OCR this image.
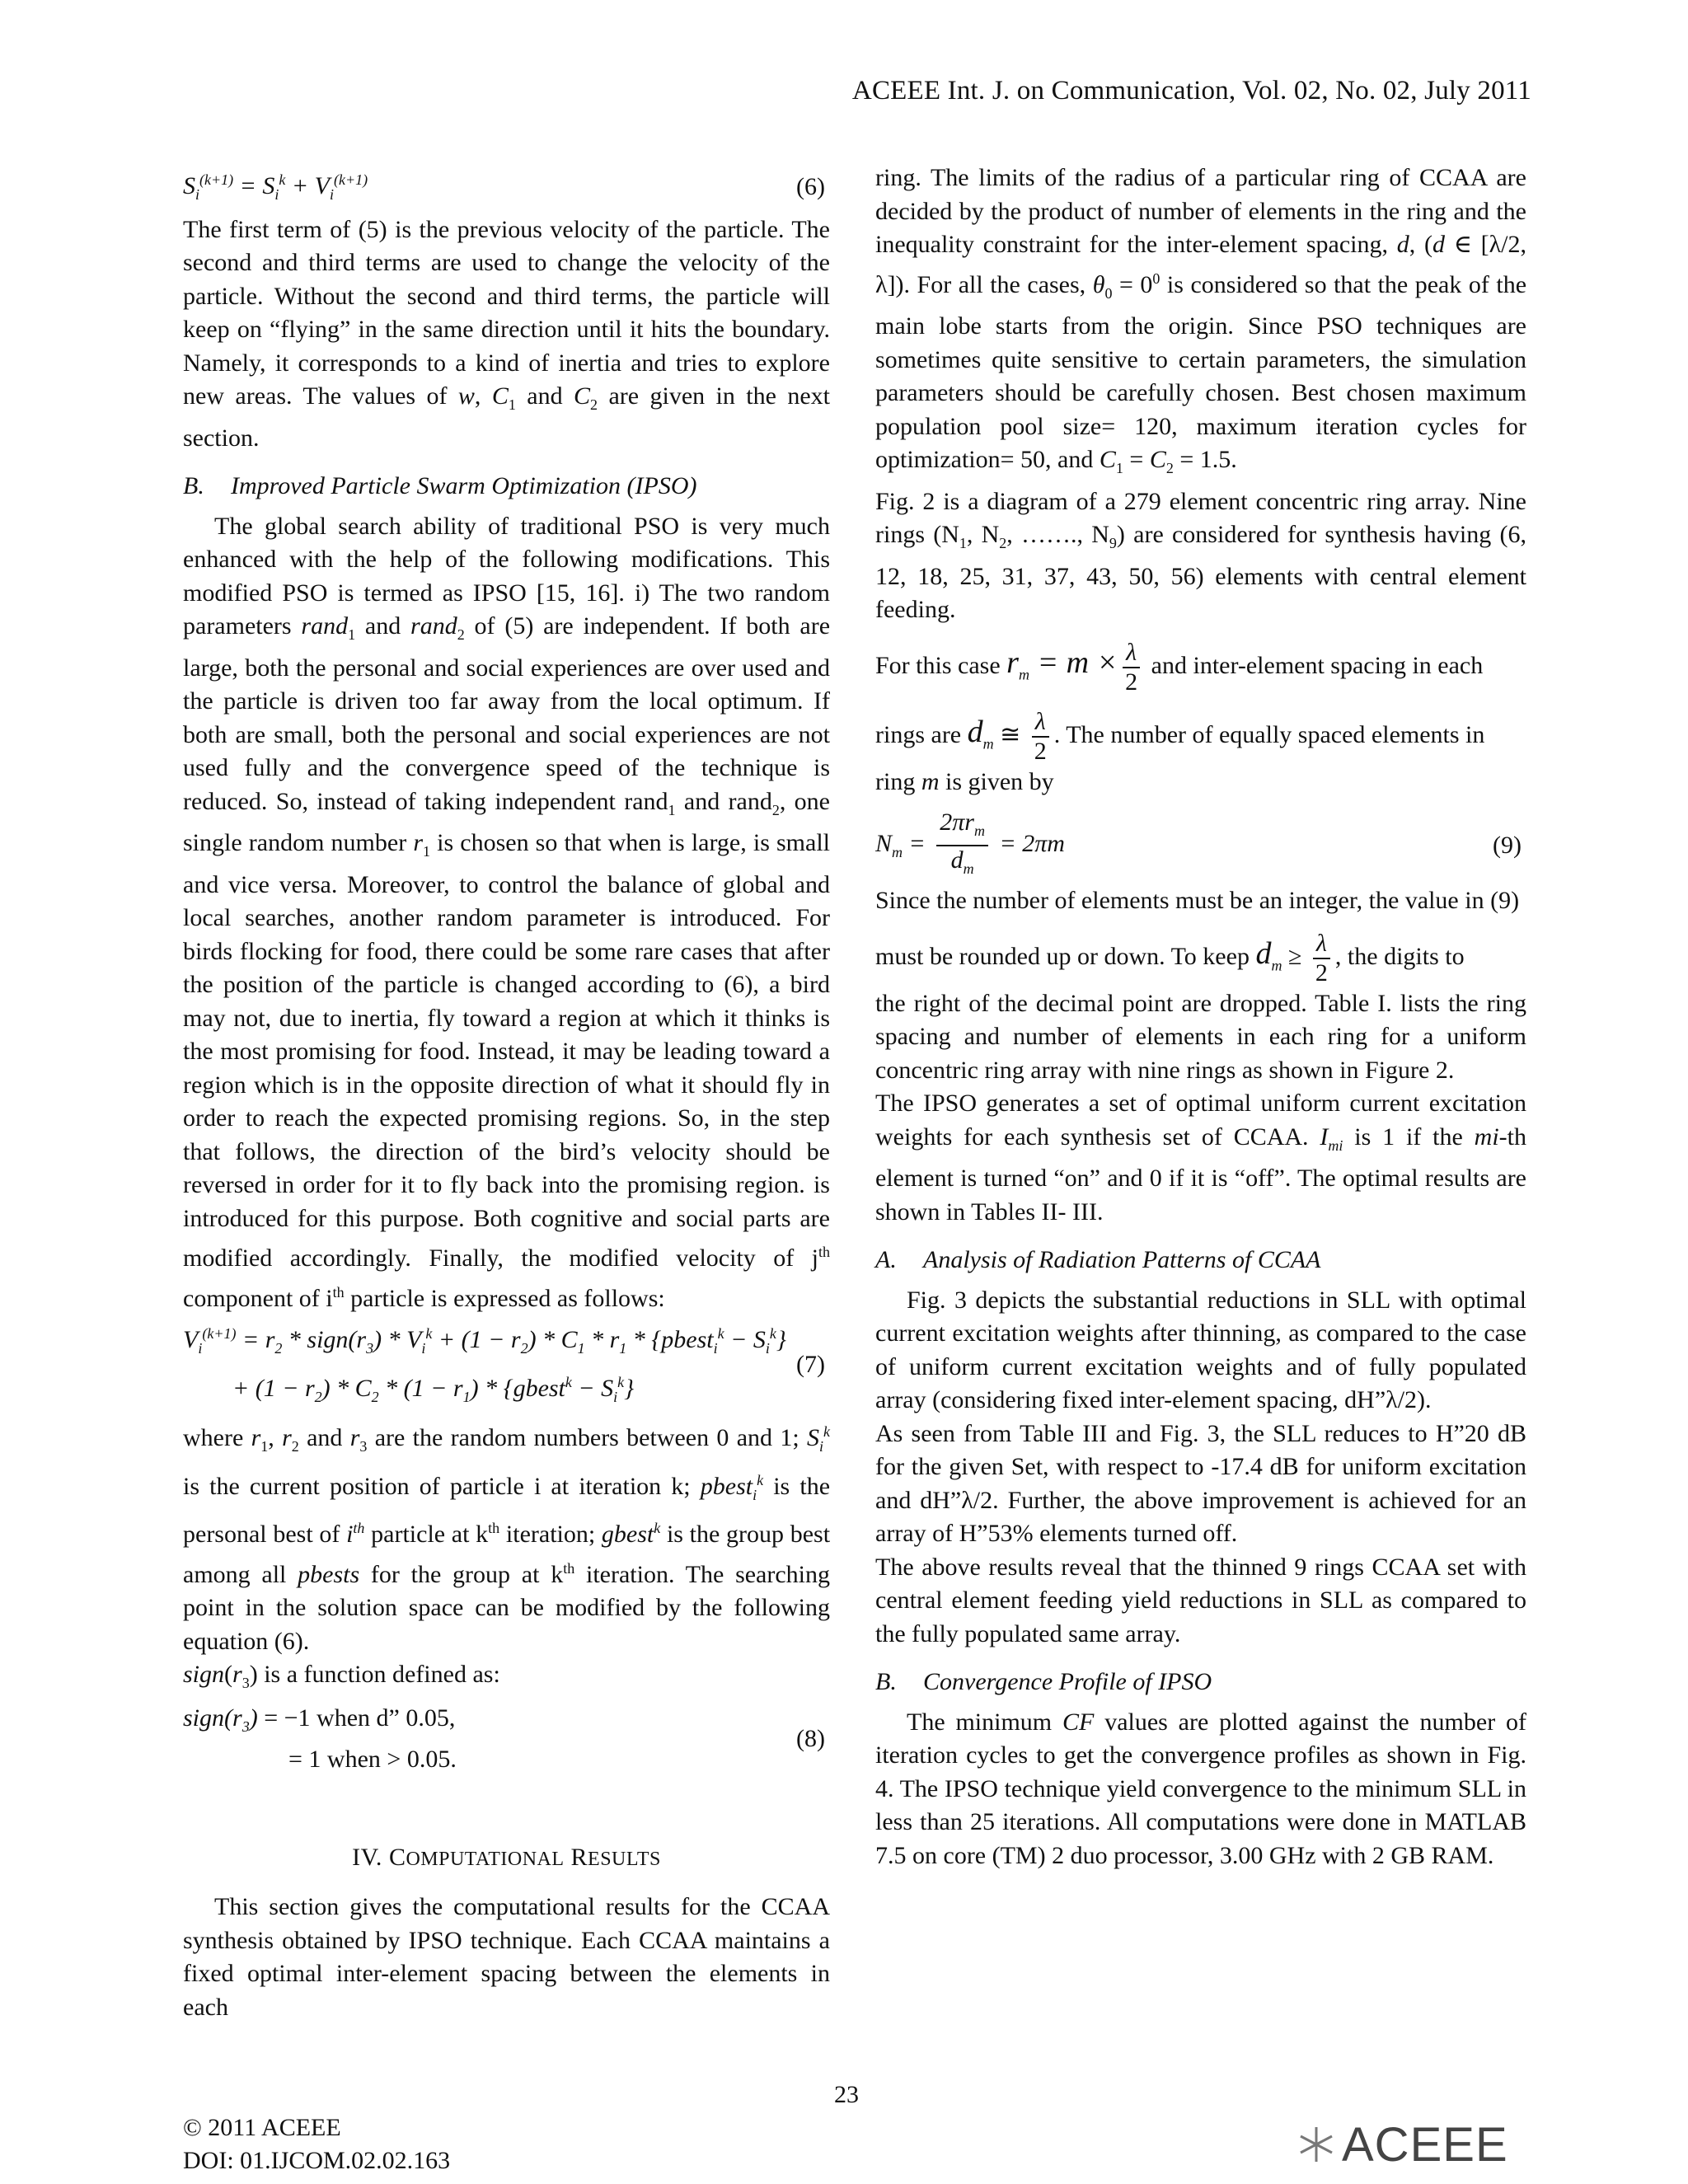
ACEEE Int. J. on Communication, Vol. 02, No. 02, July 2011
$S_i^{(k+1)} = S_i^k + V_i^{(k+1)}$	(6)

The first term of (5) is the previous velocity of the particle. The second and third terms are used to change the velocity of the particle. Without the second and third terms, the particle will keep on “flying” in the same direction until it hits the boundary. Namely, it corresponds to a kind of inertia and tries to explore new areas. The values of w, $C_1$ and $C_2$ are given in the next section.

B. Improved Particle Swarm Optimization (IPSO)

The global search ability of traditional PSO is very much enhanced with the help of the following modifications. This modified PSO is termed as IPSO [15, 16]. i) The two random parameters rand$_1$ and rand$_2$ of (5) are independent. If both are large, both the personal and social experiences are over used and the particle is driven too far away from the local optimum. If both are small, both the personal and social experiences are not used fully and the convergence speed of the technique is reduced. So, instead of taking independent rand$_1$ and rand$_2$, one single random number $r_1$ is chosen so that when is large, is small and vice versa. Moreover, to control the balance of global and local searches, another random parameter is introduced. For birds flocking for food, there could be some rare cases that after the position of the particle is changed according to (6), a bird may not, due to inertia, fly toward a region at which it thinks is the most promising for food. Instead, it may be leading toward a region which is in the opposite direction of what it should fly in order to reach the expected promising regions. So, in the step that follows, the direction of the bird’s velocity should be reversed in order for it to fly back into the promising region. is introduced for this purpose. Both cognitive and social parts are modified accordingly. Finally, the modified velocity of $j^{th}$ component of $i^{th}$ particle is expressed as follows:

$V_i^{(k+1)} = r_2$ * $sign(r_3) * V_i^k + (1 - r_2) * C_1 * r_1$ * {pbest$_i^k$ − $S_i^k$}
+ $(1 - r_2) * C_2 * (1 - r_1)$ * {gbest$^k$ − $S_i^k$}
(7)

where $r_1$, $r_2$ and $r_3$ are the random numbers between 0 and 1; $S_i^k$ is the current position of particle i at iteration k; pbest$_i^k$ is the personal best of $i^{th}$ particle at $k^{th}$ iteration; gbest$^k$ is the group best among all pbests for the group at $k^{th}$ iteration. The searching point in the solution space can be modified by the following equation (6).

$sign(r_3)$ is a function defined as:

$sign(r_3) = -1$ when d” 0.05,
= 1 when > 0.05.
(8)
IV. COMPUTATIONAL RESULTS

This section gives the computational results for the CCAA synthesis obtained by IPSO technique. Each CCAA maintains a fixed optimal inter-element spacing between the elements in each

ring. The limits of the radius of a particular ring of CCAA are decided by the product of number of elements in the ring and the inequality constraint for the inter-element spacing, d, (d ∈ [λ/2, λ]). For all the cases, $\theta_0 = 0^0$ is considered so that the peak of the main lobe starts from the origin. Since PSO techniques are sometimes quite sensitive to certain parameters, the simulation parameters should be carefully chosen. Best chosen maximum population pool size= 120, maximum iteration cycles for optimization= 50, and $C_1 = C_2 = 1.5$.

Fig. 2 is a diagram of a 279 element concentric ring array. Nine rings ($N_1$, $N_2$, ……., $N_9$) are considered for synthesis having (6, 12, 18, 25, 31, 37, 43, 50, 56) elements with central element feeding.

For this case $r_m = m \times \frac{\lambda}{2}$ and inter-element spacing in each

rings are $d_m$ ≅ $\frac{\lambda}{2}$ . The number of equally spaced elements in

ring m is given by

$N_m = \frac{2\pi r_m}{d_m} = 2\pi m$	(9)

Since the number of elements must be an integer, the value in (9)

must be rounded up or down. To keep $d_m \ge \frac{\lambda}{2}$ , the digits to

the right of the decimal point are dropped. Table I. lists the ring spacing and number of elements in each ring for a uniform concentric ring array with nine rings as shown in Figure 2.

The IPSO generates a set of optimal uniform current excitation weights for each synthesis set of CCAA. $I_{mi}$ is 1 if the mi-th element is turned “on” and 0 if it is “off”. The optimal results are shown in Tables II- III.

A. Analysis of Radiation Patterns of CCAA

Fig. 3 depicts the substantial reductions in SLL with optimal current excitation weights after thinning, as compared to the case of uniform current excitation weights and of fully populated array (considering fixed inter-element spacing, dH”λ/2).

As seen from Table III and Fig. 3, the SLL reduces to H”20 dB for the given Set, with respect to -17.4 dB for uniform excitation and dH”λ/2. Further, the above improvement is achieved for an array of H”53% elements turned off.

The above results reveal that the thinned 9 rings CCAA set with central element feeding yield reductions in SLL as compared to the fully populated same array.

B. Convergence Profile of IPSO

The minimum CF values are plotted against the number of iteration cycles to get the convergence profiles as shown in Fig. 4. The IPSO technique yield convergence to the minimum SLL in less than 25 iterations. All computations were done in MATLAB 7.5 on core (TM) 2 duo processor, 3.00 GHz with 2 GB RAM.

23
© 2011 ACEEE
DOI: 01.IJCOM.02.02.163	ACEEE
